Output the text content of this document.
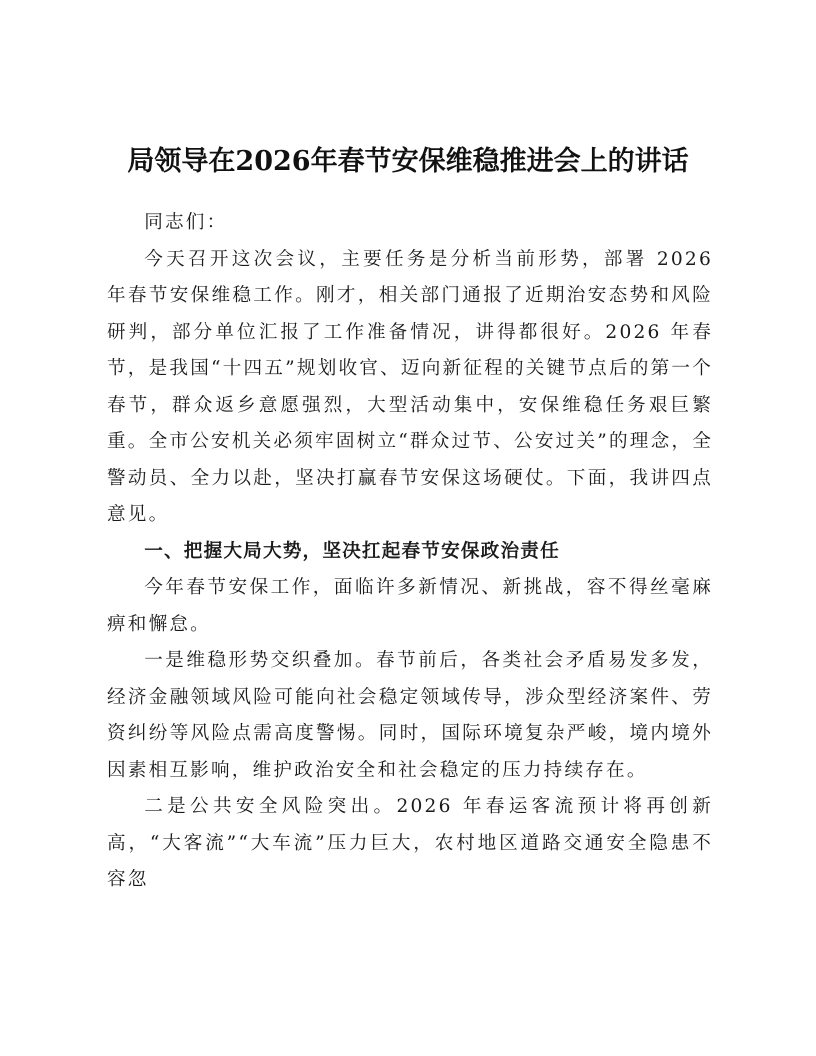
局领导在2026年春节安保维稳推进会上的讲话

同志们：

今天召开这次会议，主要任务是分析当前形势，部署 2026 年春节安保维稳工作。刚才，相关部门通报了近期治安态势和风险研判，部分单位汇报了工作准备情况，讲得都很好。2026 年春节，是我国“十四五”规划收官、迈向新征程的关键节点后的第一个春节，群众返乡意愿强烈，大型活动集中，安保维稳任务艰巨繁重。全市公安机关必须牢固树立“群众过节、公安过关”的理念，全警动员、全力以赴，坚决打赢春节安保这场硬仗。下面，我讲四点意见。

一、把握大局大势，坚决扛起春节安保政治责任

今年春节安保工作，面临许多新情况、新挑战，容不得丝毫麻痹和懈怠。

一是维稳形势交织叠加。春节前后，各类社会矛盾易发多发，经济金融领域风险可能向社会稳定领域传导，涉众型经济案件、劳资纠纷等风险点需高度警惕。同时，国际环境复杂严峻，境内境外因素相互影响，维护政治安全和社会稳定的压力持续存在。

二是公共安全风险突出。2026 年春运客流预计将再创新高，“大客流”“大车流”压力巨大，农村地区道路交通安全隐患不容忽
